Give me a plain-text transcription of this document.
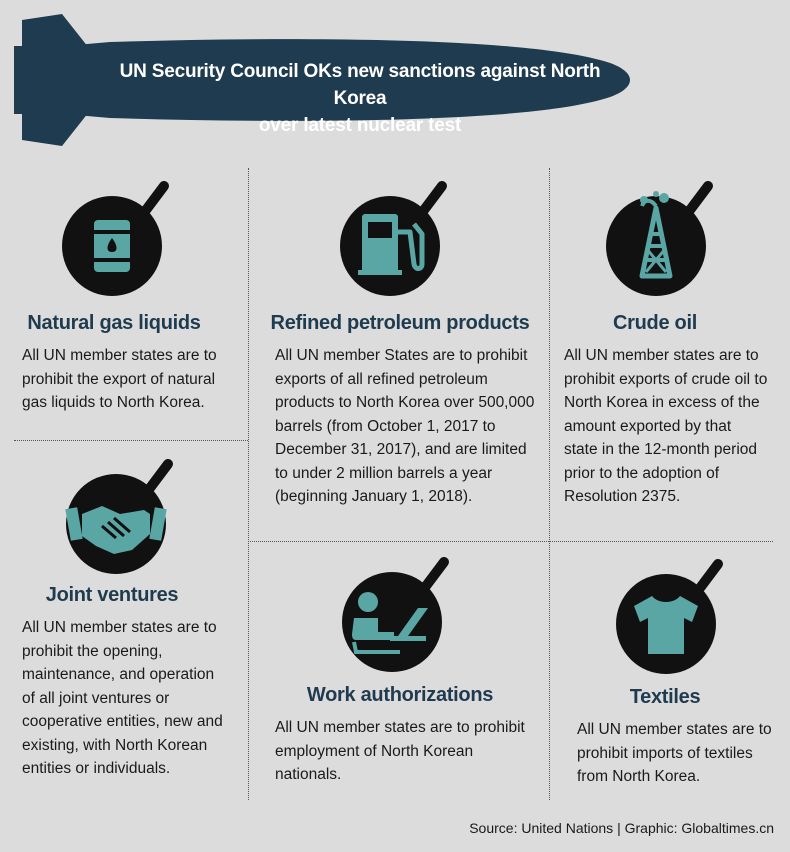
UN Security Council OKs new sanctions against North Korea
over latest nuclear test
Natural gas liquids
All UN member states are to
prohibit the export of natural
gas liquids to North Korea.
Refined petroleum products
All UN member States are to prohibit
exports of all refined petroleum
products to North Korea over 500,000
barrels (from October 1, 2017 to
December 31, 2017), and are limited
to under 2 million barrels a year
(beginning January 1, 2018).
Crude oil
All UN member states are to
prohibit exports of crude oil to
North Korea in excess of the
amount exported by that
state in the 12-month period
prior to the adoption of
Resolution 2375.
Joint ventures
All UN member states are to
prohibit the opening,
maintenance, and operation
of all joint ventures or
cooperative entities, new and
existing, with North Korean
entities or individuals.
Work authorizations
All UN member states are to prohibit
employment of North Korean
nationals.
Textiles
All UN member states are to
prohibit imports of textiles
from North Korea.
Source: United Nations | Graphic: Globaltimes.cn
